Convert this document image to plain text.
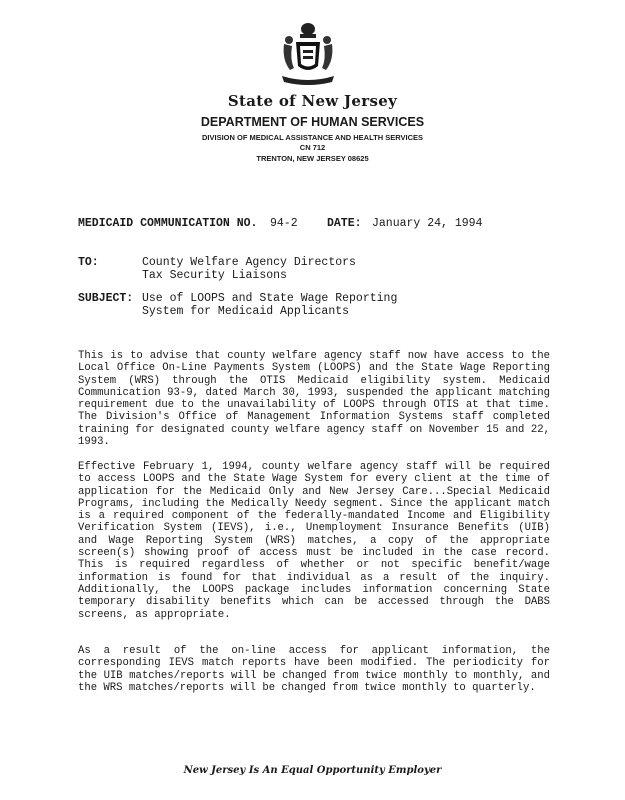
State of New Jersey
DEPARTMENT OF HUMAN SERVICES
DIVISION OF MEDICAL ASSISTANCE AND HEALTH SERVICES
CN 712
TRENTON, NEW JERSEY 08625
MEDICAID COMMUNICATION NO. 94-2	DATE: January 24, 1994
TO:	County Welfare Agency Directors
Tax Security Liaisons
SUBJECT: Use of LOOPS and State Wage Reporting
System for Medicaid Applicants
This is to advise that county welfare agency staff now have access to the Local Office On-Line Payments System (LOOPS) and the State Wage Reporting System (WRS) through the OTIS Medicaid eligibility system. Medicaid Communication 93-9, dated March 30, 1993, suspended the applicant matching requirement due to the unavailability of LOOPS through OTIS at that time. The Division's Office of Management Information Systems staff completed training for designated county welfare agency staff on November 15 and 22, 1993.
Effective February 1, 1994, county welfare agency staff will be required to access LOOPS and the State Wage System for every client at the time of application for the Medicaid Only and New Jersey Care...Special Medicaid Programs, including the Medically Needy segment. Since the applicant match is a required component of the federally-mandated Income and Eligibility Verification System (IEVS), i.e., Unemployment Insurance Benefits (UIB) and Wage Reporting System (WRS) matches, a copy of the appropriate screen(s) showing proof of access must be included in the case record. This is required regardless of whether or not specific benefit/wage information is found for that individual as a result of the inquiry. Additionally, the LOOPS package includes information concerning State temporary disability benefits which can be accessed through the DABS screens, as appropriate.
As a result of the on-line access for applicant information, the corresponding IEVS match reports have been modified. The periodicity for the UIB matches/reports will be changed from twice monthly to monthly, and the WRS matches/reports will be changed from twice monthly to quarterly.
New Jersey Is An Equal Opportunity Employer
